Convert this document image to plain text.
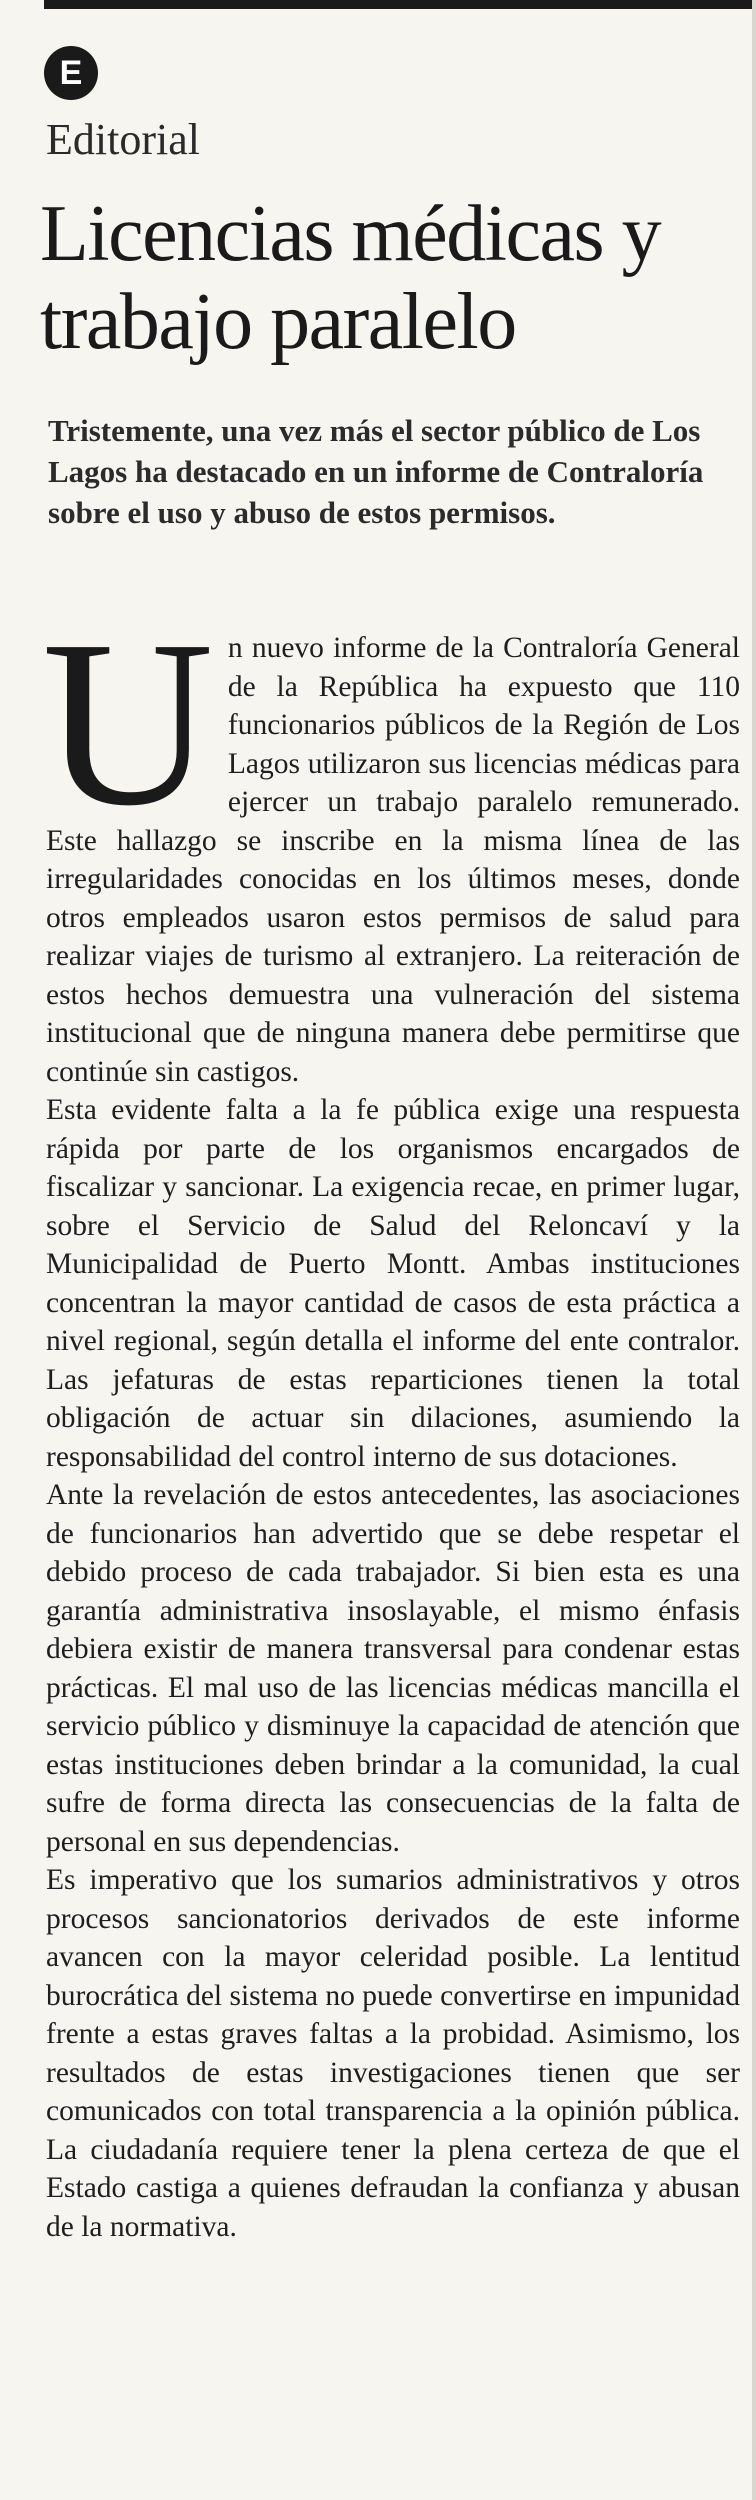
E
Editorial
Licencias médicas y trabajo paralelo

Tristemente, una vez más el sector público de Los Lagos ha destacado en un informe de Contraloría sobre el uso y abuso de estos permisos.

Un nuevo informe de la Contraloría General de la República ha expuesto que 110 funcionarios públicos de la Región de Los Lagos utilizaron sus licencias médicas para ejercer un trabajo paralelo remunerado. Este hallazgo se inscribe en la misma línea de las irregularidades conocidas en los últimos meses, donde otros empleados usaron estos permisos de salud para realizar viajes de turismo al extranjero. La reiteración de estos hechos demuestra una vulneración del sistema institucional que de ninguna manera debe permitirse que continúe sin castigos.

Esta evidente falta a la fe pública exige una respuesta rápida por parte de los organismos encargados de fiscalizar y sancionar. La exigencia recae, en primer lugar, sobre el Servicio de Salud del Reloncaví y la Municipalidad de Puerto Montt. Ambas instituciones concentran la mayor cantidad de casos de esta práctica a nivel regional, según detalla el informe del ente contralor. Las jefaturas de estas reparticiones tienen la total obligación de actuar sin dilaciones, asumiendo la responsabilidad del control interno de sus dotaciones.

Ante la revelación de estos antecedentes, las asociaciones de funcionarios han advertido que se debe respetar el debido proceso de cada trabajador. Si bien esta es una garantía administrativa insoslayable, el mismo énfasis debiera existir de manera transversal para condenar estas prácticas. El mal uso de las licencias médicas mancilla el servicio público y disminuye la capacidad de atención que estas instituciones deben brindar a la comunidad, la cual sufre de forma directa las consecuencias de la falta de personal en sus dependencias.

Es imperativo que los sumarios administrativos y otros procesos sancionatorios derivados de este informe avancen con la mayor celeridad posible. La lentitud burocrática del sistema no puede convertirse en impunidad frente a estas graves faltas a la probidad. Asimismo, los resultados de estas investigaciones tienen que ser comunicados con total transparencia a la opinión pública. La ciudadanía requiere tener la plena certeza de que el Estado castiga a quienes defraudan la confianza y abusan de la normativa.
